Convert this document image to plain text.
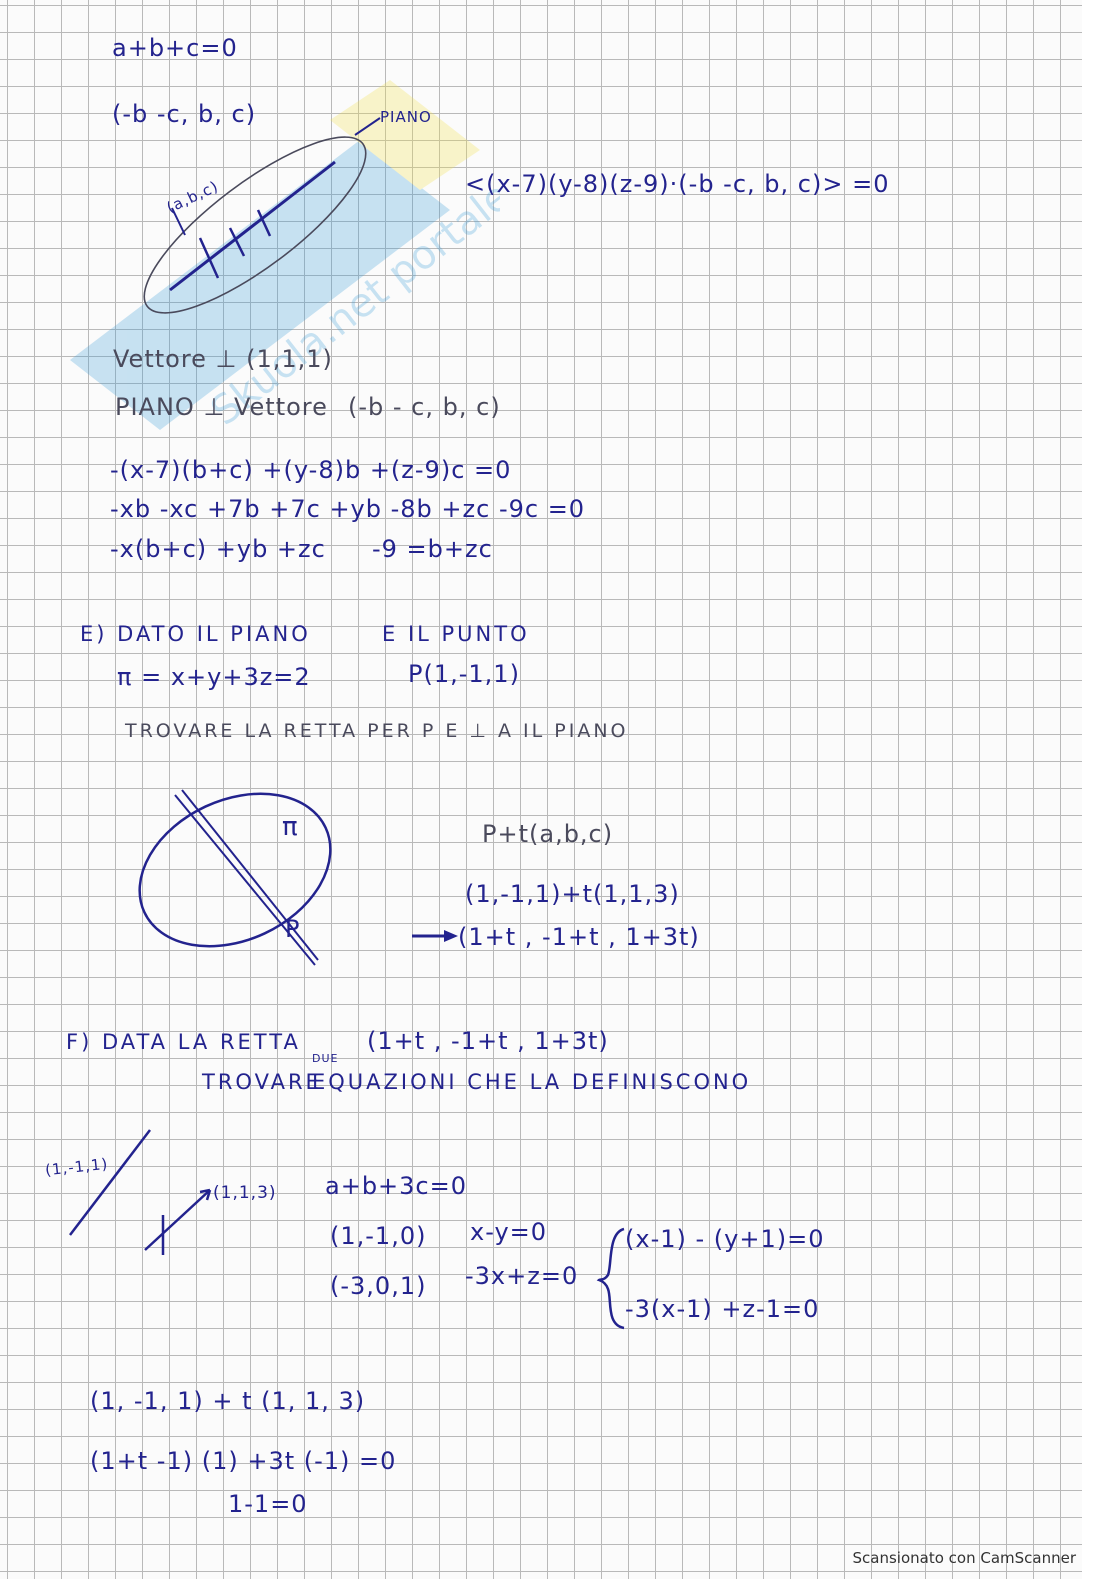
PIANO
(a,b,c)
π
P
a+b+c=0
(-b -c, b, c)
<(x-7)(y-8)(z-9)·(-b -c, b, c)> =0
Vettore ⊥ (1,1,1)
PIANO ⊥ Vettore (-b - c, b, c)
-(x-7)(b+c) +(y-8)b +(z-9)c =0
-xb -xc +7b +7c +yb -8b +zc -9c =0
-x(b+c) +yb +zc -9 =b+zc
E) DATO IL PIANO	E IL PUNTO
π = x+y+3z=2	P(1,-1,1)
TROVARE LA RETTA PER P E ⊥ A IL PIANO
P+t(a,b,c)
(1,-1,1)+t(1,1,3)
(1+t , -1+t , 1+3t)
F) DATA LA RETTA	(1+t , -1+t , 1+3t)
TROVARE
DUE
EQUAZIONI CHE LA DEFINISCONO
(1,-1,1)
(1,1,3) a+b+3c=0
(1,-1,0) x-y=0
(-3,0,1) -3x+z=0
(x-1) - (y+1)=0
-3(x-1) +z-1=0
(1, -1, 1) + t (1, 1, 3)
(1+t -1) (1) +3t (-1) =0
1-1=0
Scansionato con CamScanner
